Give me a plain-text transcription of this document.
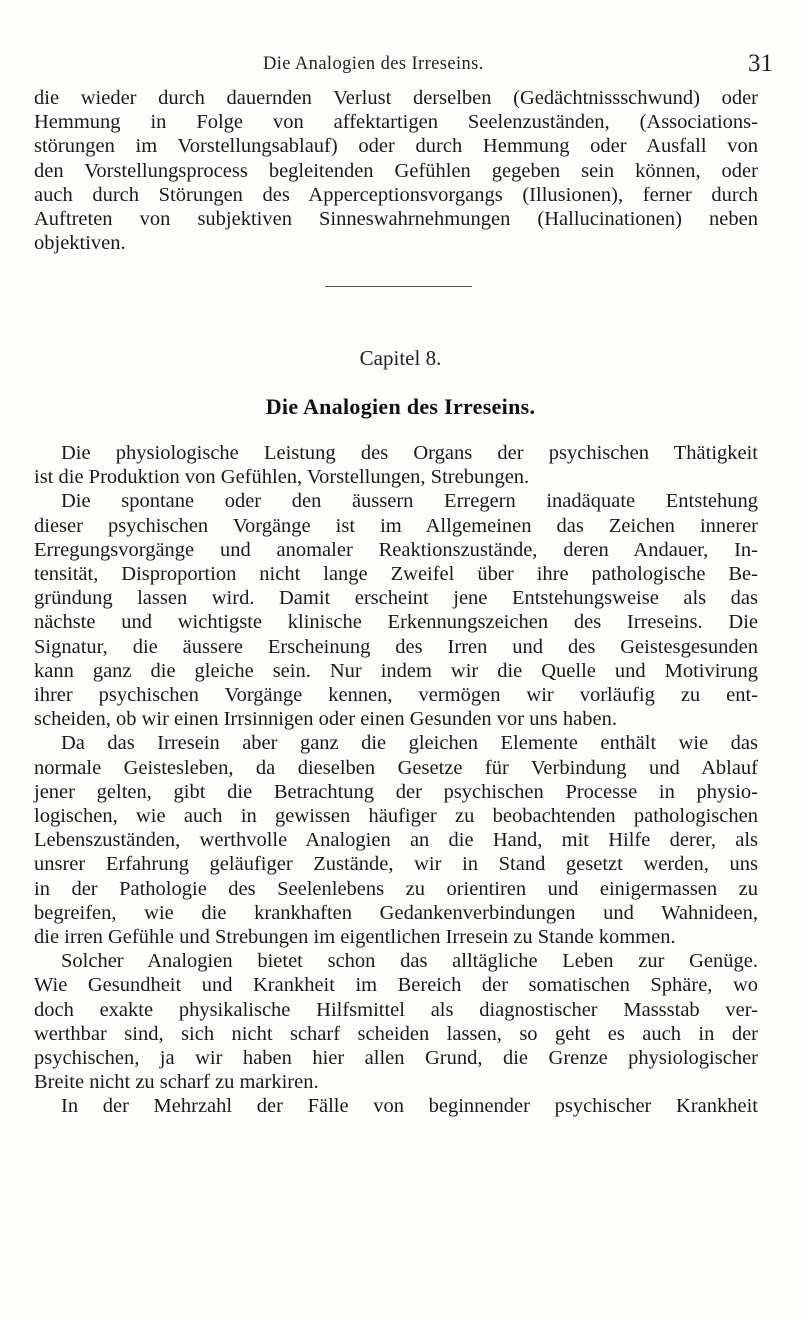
Die Analogien des Irreseins.	31
die wieder durch dauernden Verlust derselben (Gedächtnissschwund) oder
Hemmung in Folge von affektartigen Seelenzuständen, (Associations-
störungen im Vorstellungsablauf) oder durch Hemmung oder Ausfall von
den Vorstellungsprocess begleitenden Gefühlen gegeben sein können, oder
auch durch Störungen des Apperceptionsvorgangs (Illusionen), ferner durch
Auftreten von subjektiven Sinneswahrnehmungen (Hallucinationen) neben
objektiven.
Capitel 8.
Die Analogien des Irreseins.
Die physiologische Leistung des Organs der psychischen Thätigkeit
ist die Produktion von Gefühlen, Vorstellungen, Strebungen.
Die spontane oder den äussern Erregern inadäquate Entstehung
dieser psychischen Vorgänge ist im Allgemeinen das Zeichen innerer
Erregungsvorgänge und anomaler Reaktionszustände, deren Andauer, In-
tensität, Disproportion nicht lange Zweifel über ihre pathologische Be-
gründung lassen wird. Damit erscheint jene Entstehungsweise als das
nächste und wichtigste klinische Erkennungszeichen des Irreseins. Die
Signatur, die äussere Erscheinung des Irren und des Geistesgesunden
kann ganz die gleiche sein. Nur indem wir die Quelle und Motivirung
ihrer psychischen Vorgänge kennen, vermögen wir vorläufig zu ent-
scheiden, ob wir einen Irrsinnigen oder einen Gesunden vor uns haben.
Da das Irresein aber ganz die gleichen Elemente enthält wie das
normale Geistesleben, da dieselben Gesetze für Verbindung und Ablauf
jener gelten, gibt die Betrachtung der psychischen Processe in physio-
logischen, wie auch in gewissen häufiger zu beobachtenden pathologischen
Lebenszuständen, werthvolle Analogien an die Hand, mit Hilfe derer, als
unsrer Erfahrung geläufiger Zustände, wir in Stand gesetzt werden, uns
in der Pathologie des Seelenlebens zu orientiren und einigermassen zu
begreifen, wie die krankhaften Gedankenverbindungen und Wahnideen,
die irren Gefühle und Strebungen im eigentlichen Irresein zu Stande kommen.
Solcher Analogien bietet schon das alltägliche Leben zur Genüge.
Wie Gesundheit und Krankheit im Bereich der somatischen Sphäre, wo
doch exakte physikalische Hilfsmittel als diagnostischer Massstab ver-
werthbar sind, sich nicht scharf scheiden lassen, so geht es auch in der
psychischen, ja wir haben hier allen Grund, die Grenze physiologischer
Breite nicht zu scharf zu markiren.
In der Mehrzahl der Fälle von beginnender psychischer Krankheit
